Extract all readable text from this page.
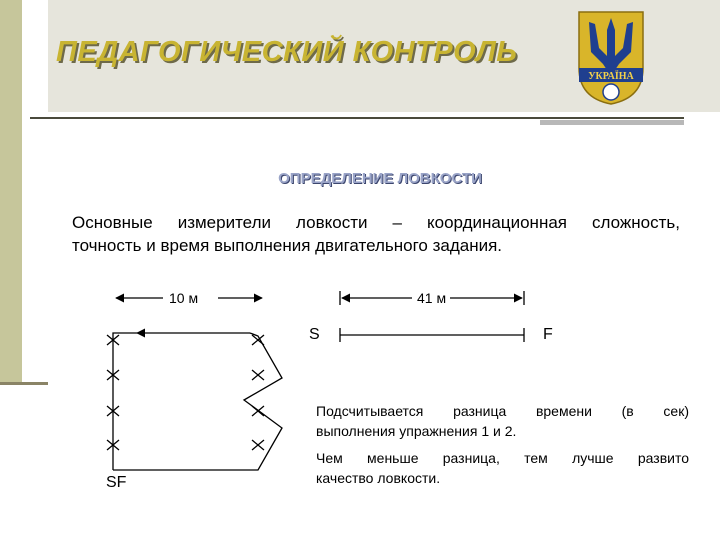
ПЕДАГОГИЧЕСКИЙ КОНТРОЛЬ
УКРАЇНА
ОПРЕДЕЛЕНИЕ ЛОВКОСТИ
Основные измерители ловкости – координационная сложность,
точность и время выполнения двигательного задания.
10 м	41 м
S	F
SF
Подсчитывается разница времени (в сек)
выполнения упражнения 1 и 2.
Чем меньше разница, тем лучше развито
качество ловкости.
